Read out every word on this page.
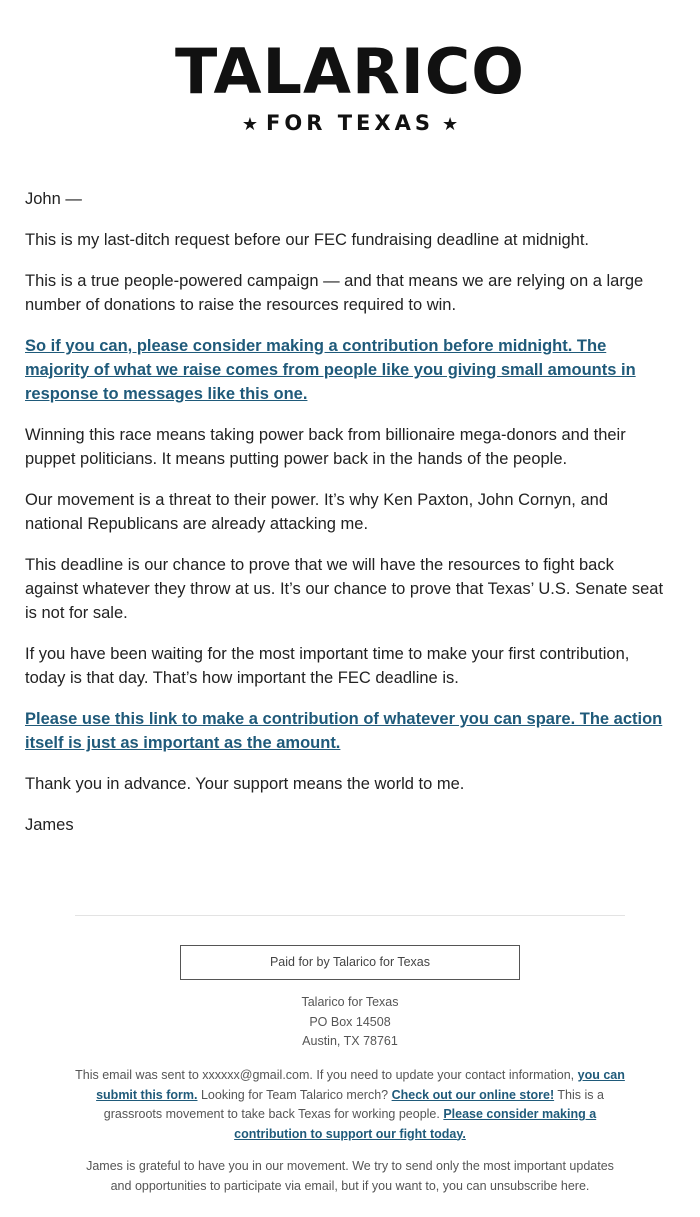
TALARICO
★ FOR TEXAS ★

John —

This is my last-ditch request before our FEC fundraising deadline at midnight.

This is a true people-powered campaign — and that means we are relying on a large number of donations to raise the resources required to win.

So if you can, please consider making a contribution before midnight. The majority of what we raise comes from people like you giving small amounts in response to messages like this one.

Winning this race means taking power back from billionaire mega-donors and their puppet politicians. It means putting power back in the hands of the people.

Our movement is a threat to their power. It’s why Ken Paxton, John Cornyn, and national Republicans are already attacking me.

This deadline is our chance to prove that we will have the resources to fight back against whatever they throw at us. It’s our chance to prove that Texas’ U.S. Senate seat is not for sale.

If you have been waiting for the most important time to make your first contribution, today is that day. That’s how important the FEC deadline is.

Please use this link to make a contribution of whatever you can spare. The action itself is just as important as the amount.

Thank you in advance. Your support means the world to me.

James

Paid for by Talarico for Texas
Talarico for Texas
PO Box 14508
Austin, TX 78761
This email was sent to xxxxxx@gmail.com. If you need to update your contact information, you can submit this form. Looking for Team Talarico merch? Check out our online store! This is a grassroots movement to take back Texas for working people. Please consider making a contribution to support our fight today.
James is grateful to have you in our movement. We try to send only the most important updates and opportunities to participate via email, but if you want to, you can unsubscribe here.
